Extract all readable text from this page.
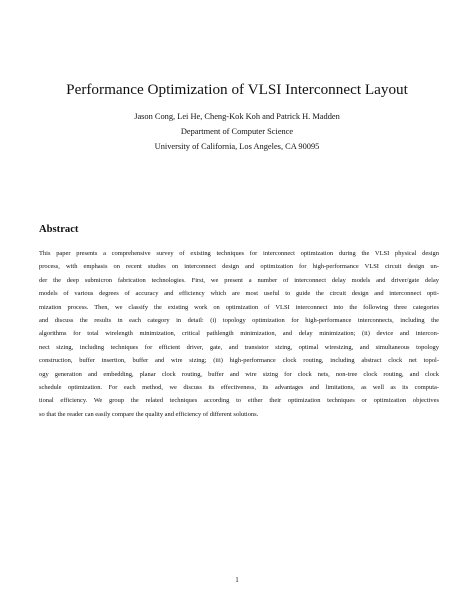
Performance Optimization of VLSI Interconnect Layout
Jason Cong, Lei He, Cheng-Kok Koh and Patrick H. Madden
Department of Computer Science
University of California, Los Angeles, CA 90095
Abstract
This paper presents a comprehensive survey of existing techniques for interconnect optimization during the VLSI physical design
process, with emphasis on recent studies on interconnect design and optimization for high-performance VLSI circuit design un-
der the deep submicron fabrication technologies. First, we present a number of interconnect delay models and driver/gate delay
models of various degrees of accuracy and efficiency which are most useful to guide the circuit design and interconnect opti-
mization process. Then, we classify the existing work on optimization of VLSI interconnect into the following three categories
and discuss the results in each category in detail: (i) topology optimization for high-performance interconnects, including the
algorithms for total wirelength minimization, critical pathlength minimization, and delay minimization; (ii) device and intercon-
nect sizing, including techniques for efficient driver, gate, and transistor sizing, optimal wiresizing, and simultaneous topology
construction, buffer insertion, buffer and wire sizing; (iii) high-performance clock routing, including abstract clock net topol-
ogy generation and embedding, planar clock routing, buffer and wire sizing for clock nets, non-tree clock routing, and clock
schedule optimization. For each method, we discuss its effectiveness, its advantages and limitations, as well as its computa-
tional efficiency. We group the related techniques according to either their optimization techniques or optimization objectives
so that the reader can easily compare the quality and efficiency of different solutions.
1
